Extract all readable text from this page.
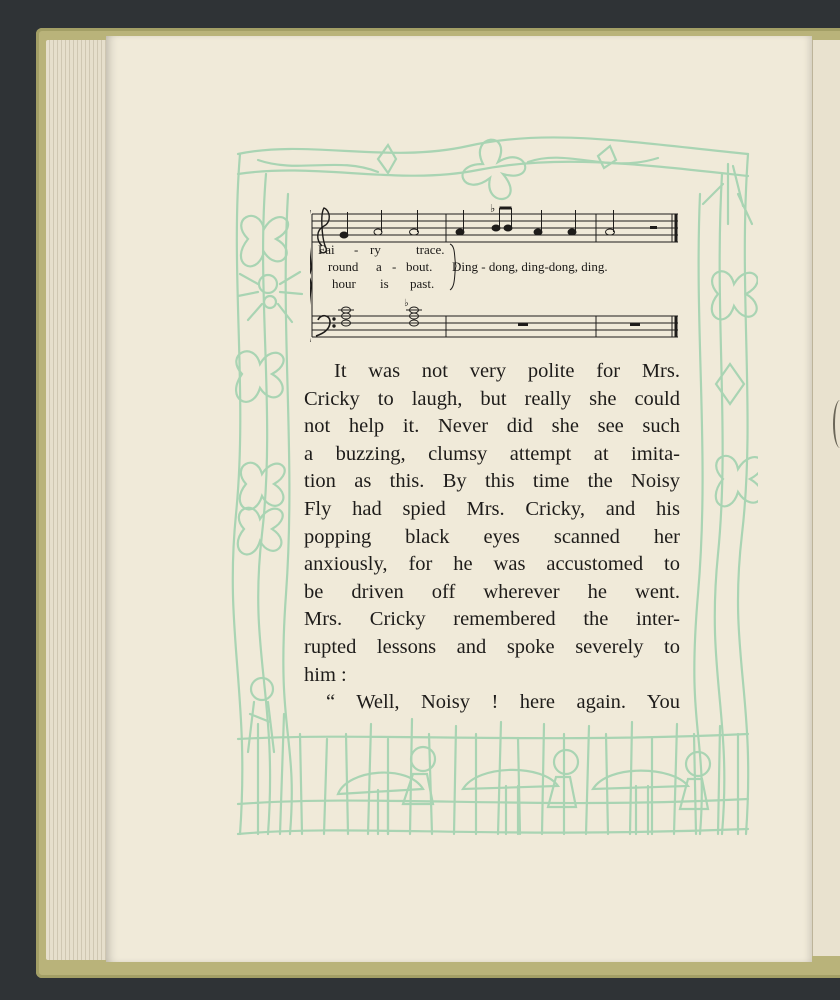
♭
♭
Fai - ry	trace.
round a - bout.
hour is past.
Ding - dong, ding-dong, ding.
It was not very polite for Mrs.
Cricky to laugh, but really she could
not help it. Never did she see such
a buzzing, clumsy attempt at imita-
tion as this. By this time the Noisy
Fly had spied Mrs. Cricky, and his
popping black eyes scanned her
anxiously, for he was accustomed to
be driven off wherever he went.
Mrs. Cricky remembered the inter-
rupted lessons and spoke severely to
him :
“ Well, Noisy ! here again. You
